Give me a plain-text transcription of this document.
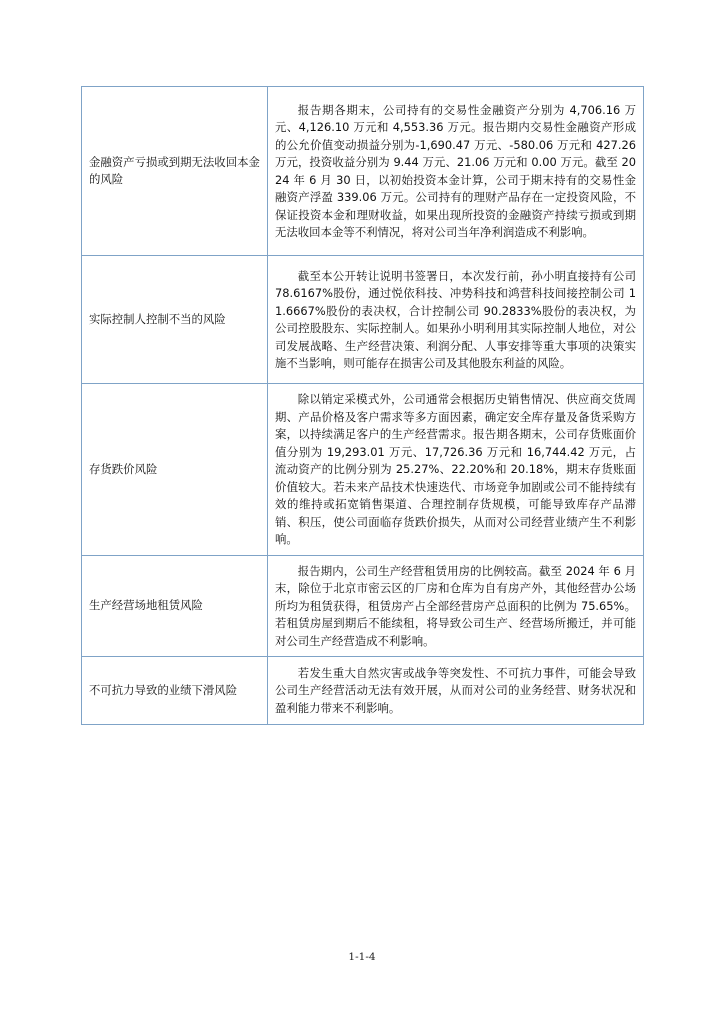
金融资产亏损或到期无法收回本金的风险	报告期各期末，公司持有的交易性金融资产分别为 4,706.16 万元、4,126.10 万元和 4,553.36 万元。报告期内交易性金融资产形成的公允价值变动损益分别为-1,690.47 万元、-580.06 万元和 427.26 万元，投资收益分别为 9.44 万元、21.06 万元和 0.00 万元。截至 2024 年 6 月 30 日，以初始投资本金计算，公司于期末持有的交易性金融资产浮盈 339.06 万元。公司持有的理财产品存在一定投资风险，不保证投资本金和理财收益，如果出现所投资的金融资产持续亏损或到期无法收回本金等不利情况，将对公司当年净利润造成不利影响。

实际控制人控制不当的风险	截至本公开转让说明书签署日，本次发行前，孙小明直接持有公司 78.6167%股份，通过悦依科技、冲势科技和鸿营科技间接控制公司 11.6667%股份的表决权，合计控制公司 90.2833%股份的表决权，为公司控股股东、实际控制人。如果孙小明利用其实际控制人地位，对公司发展战略、生产经营决策、利润分配、人事安排等重大事项的决策实施不当影响，则可能存在损害公司及其他股东利益的风险。

存货跌价风险	除以销定采模式外，公司通常会根据历史销售情况、供应商交货周期、产品价格及客户需求等多方面因素，确定安全库存量及备货采购方案，以持续满足客户的生产经营需求。报告期各期末，公司存货账面价值分别为 19,293.01 万元、17,726.36 万元和 16,744.42 万元，占流动资产的比例分别为 25.27%、22.20%和 20.18%，期末存货账面价值较大。若未来产品技术快速迭代、市场竞争加剧或公司不能持续有效的维持或拓宽销售渠道、合理控制存货规模，可能导致库存产品滞销、积压，使公司面临存货跌价损失，从而对公司经营业绩产生不利影响。

生产经营场地租赁风险	报告期内，公司生产经营租赁用房的比例较高。截至 2024 年 6 月末，除位于北京市密云区的厂房和仓库为自有房产外，其他经营办公场所均为租赁获得，租赁房产占全部经营房产总面积的比例为 75.65%。若租赁房屋到期后不能续租，将导致公司生产、经营场所搬迁，并可能对公司生产经营造成不利影响。

不可抗力导致的业绩下滑风险	若发生重大自然灾害或战争等突发性、不可抗力事件，可能会导致公司生产经营活动无法有效开展，从而对公司的业务经营、财务状况和盈利能力带来不利影响。

1-1-4
